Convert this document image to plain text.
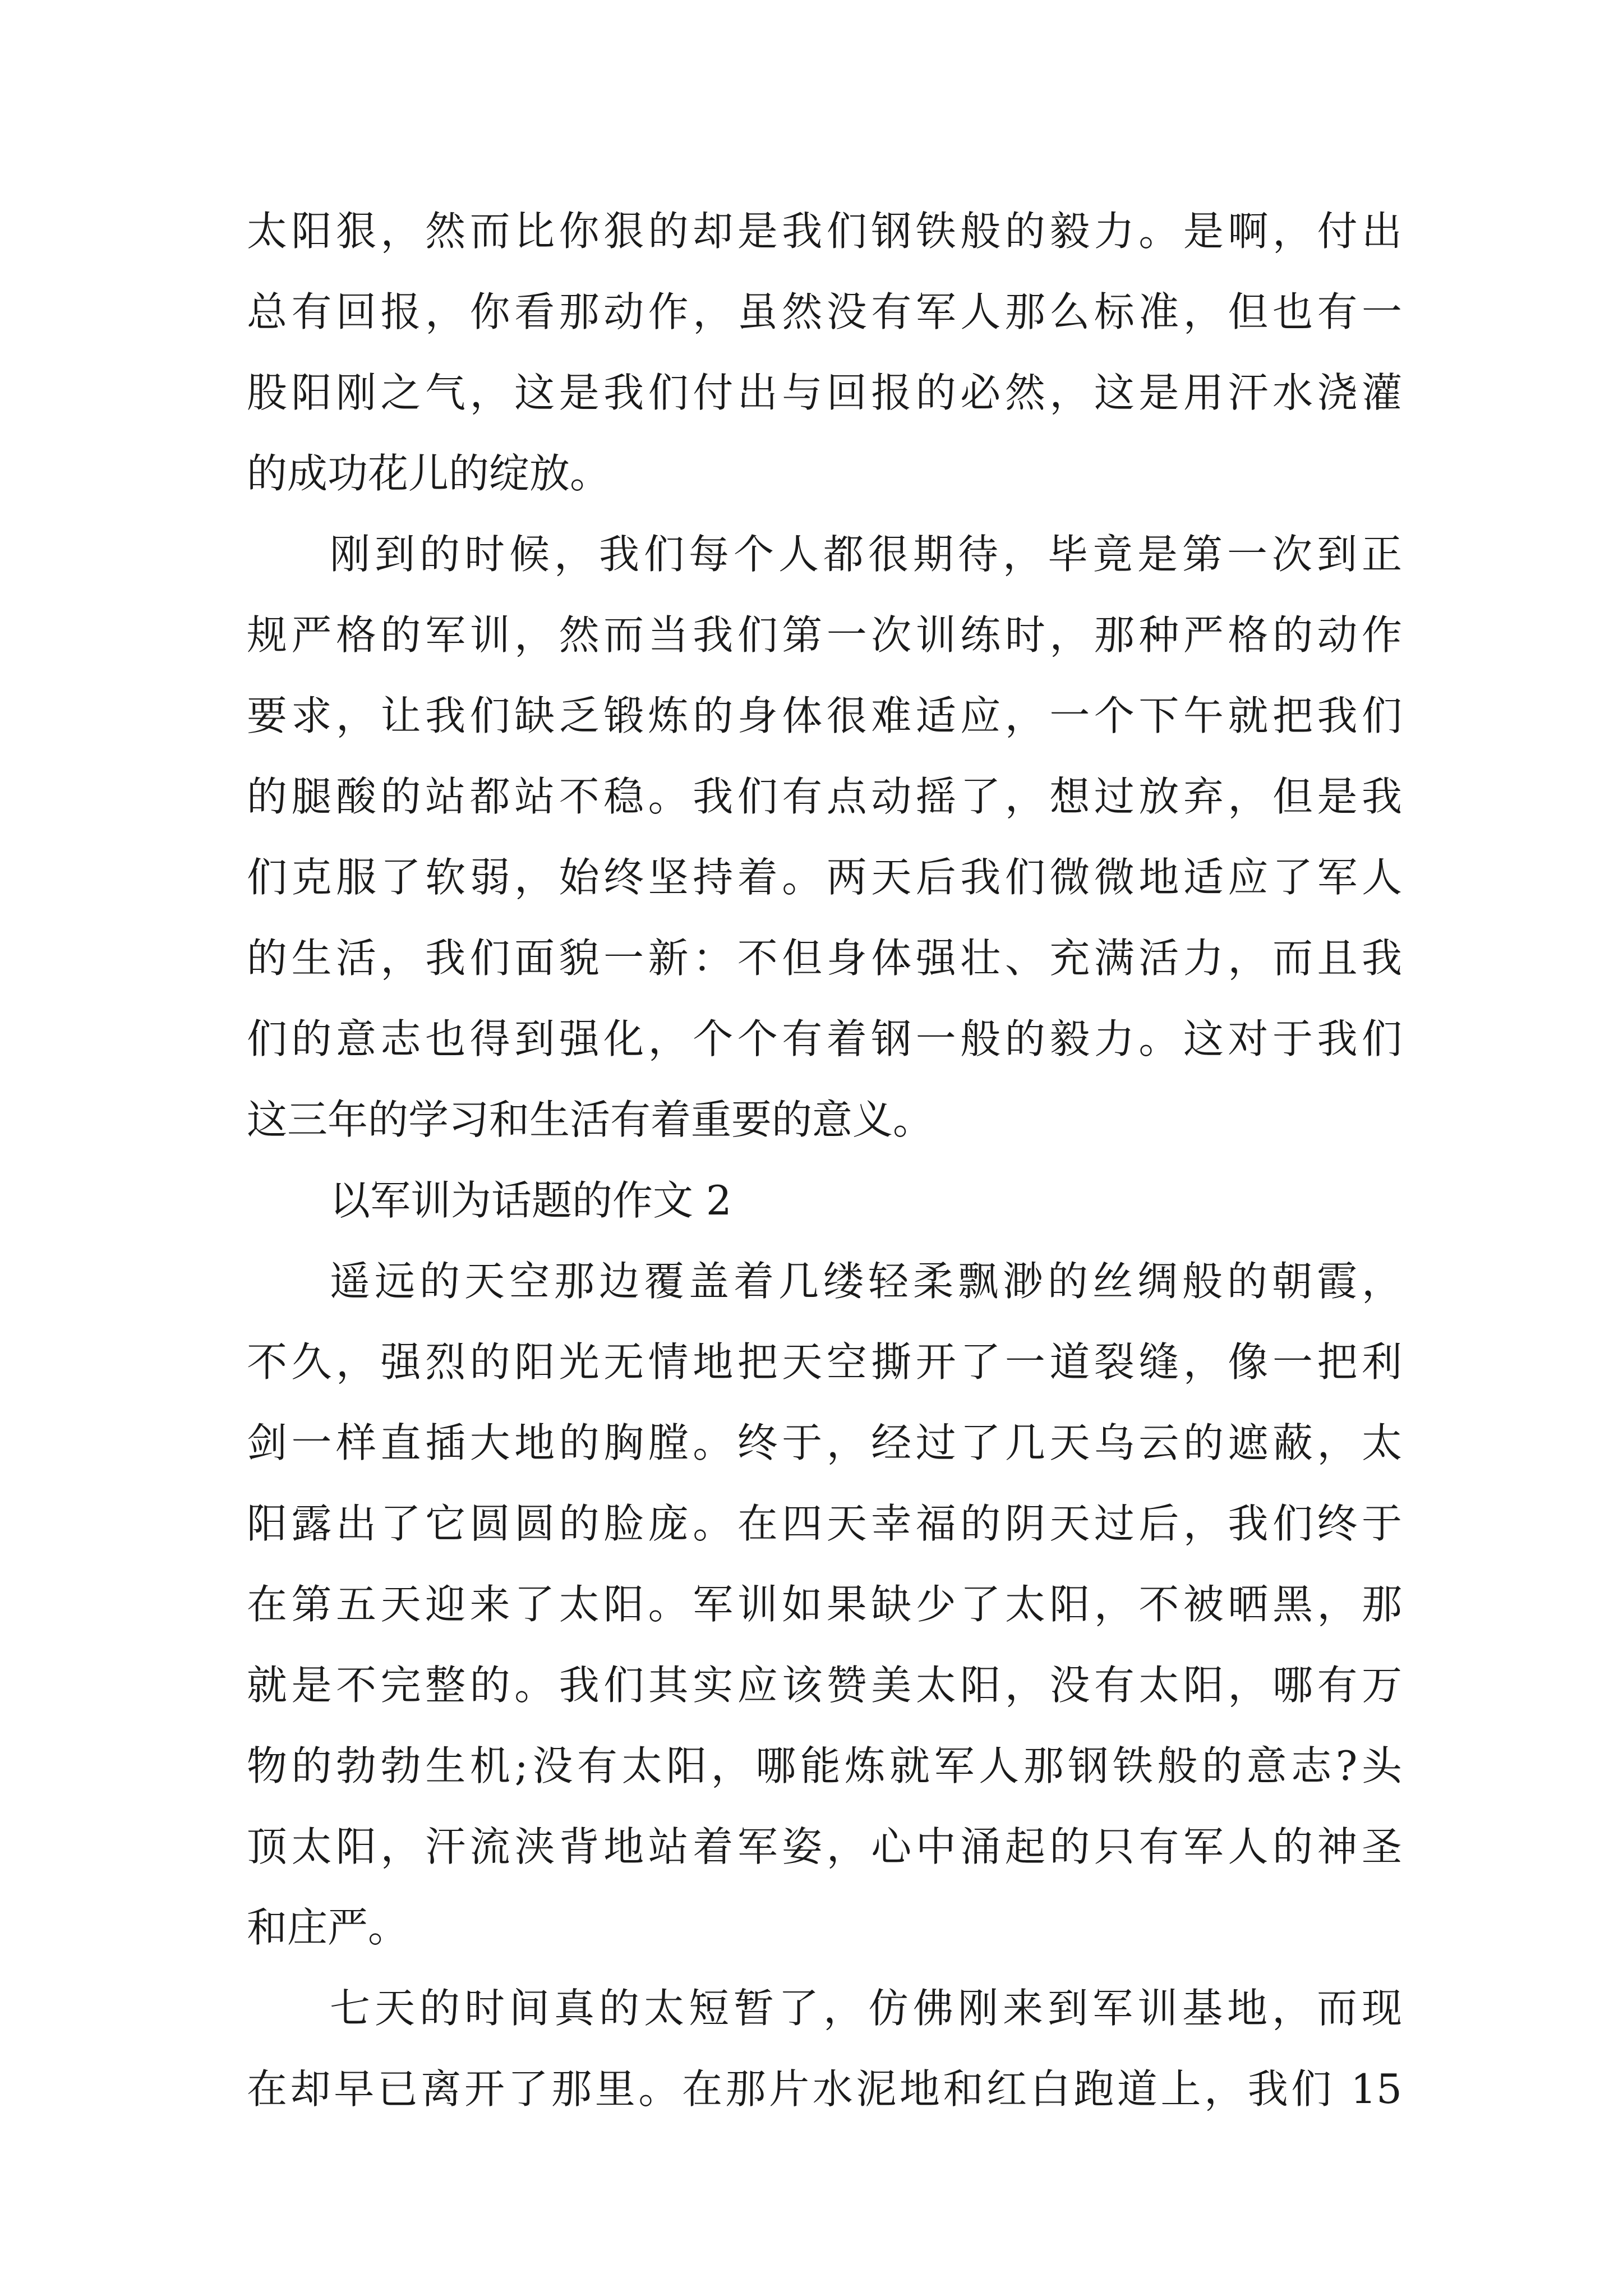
太阳狠，然而比你狠的却是我们钢铁般的毅力。是啊，付出
总有回报，你看那动作，虽然没有军人那么标准，但也有一
股阳刚之气，这是我们付出与回报的必然，这是用汗水浇灌
的成功花儿的绽放。
刚到的时候，我们每个人都很期待，毕竟是第一次到正
规严格的军训，然而当我们第一次训练时，那种严格的动作
要求，让我们缺乏锻炼的身体很难适应，一个下午就把我们
的腿酸的站都站不稳。我们有点动摇了，想过放弃，但是我
们克服了软弱，始终坚持着。两天后我们微微地适应了军人
的生活，我们面貌一新：不但身体强壮、充满活力，而且我
们的意志也得到强化，个个有着钢一般的毅力。这对于我们
这三年的学习和生活有着重要的意义。
以军训为话题的作文 2
遥远的天空那边覆盖着几缕轻柔飘渺的丝绸般的朝霞，
不久，强烈的阳光无情地把天空撕开了一道裂缝，像一把利
剑一样直插大地的胸膛。终于，经过了几天乌云的遮蔽，太
阳露出了它圆圆的脸庞。在四天幸福的阴天过后，我们终于
在第五天迎来了太阳。军训如果缺少了太阳，不被晒黑，那
就是不完整的。我们其实应该赞美太阳，没有太阳，哪有万
物的勃勃生机;没有太阳，哪能炼就军人那钢铁般的意志?头
顶太阳，汗流浃背地站着军姿，心中涌起的只有军人的神圣
和庄严。
七天的时间真的太短暂了，仿佛刚来到军训基地，而现
在却早已离开了那里。在那片水泥地和红白跑道上，我们 15
